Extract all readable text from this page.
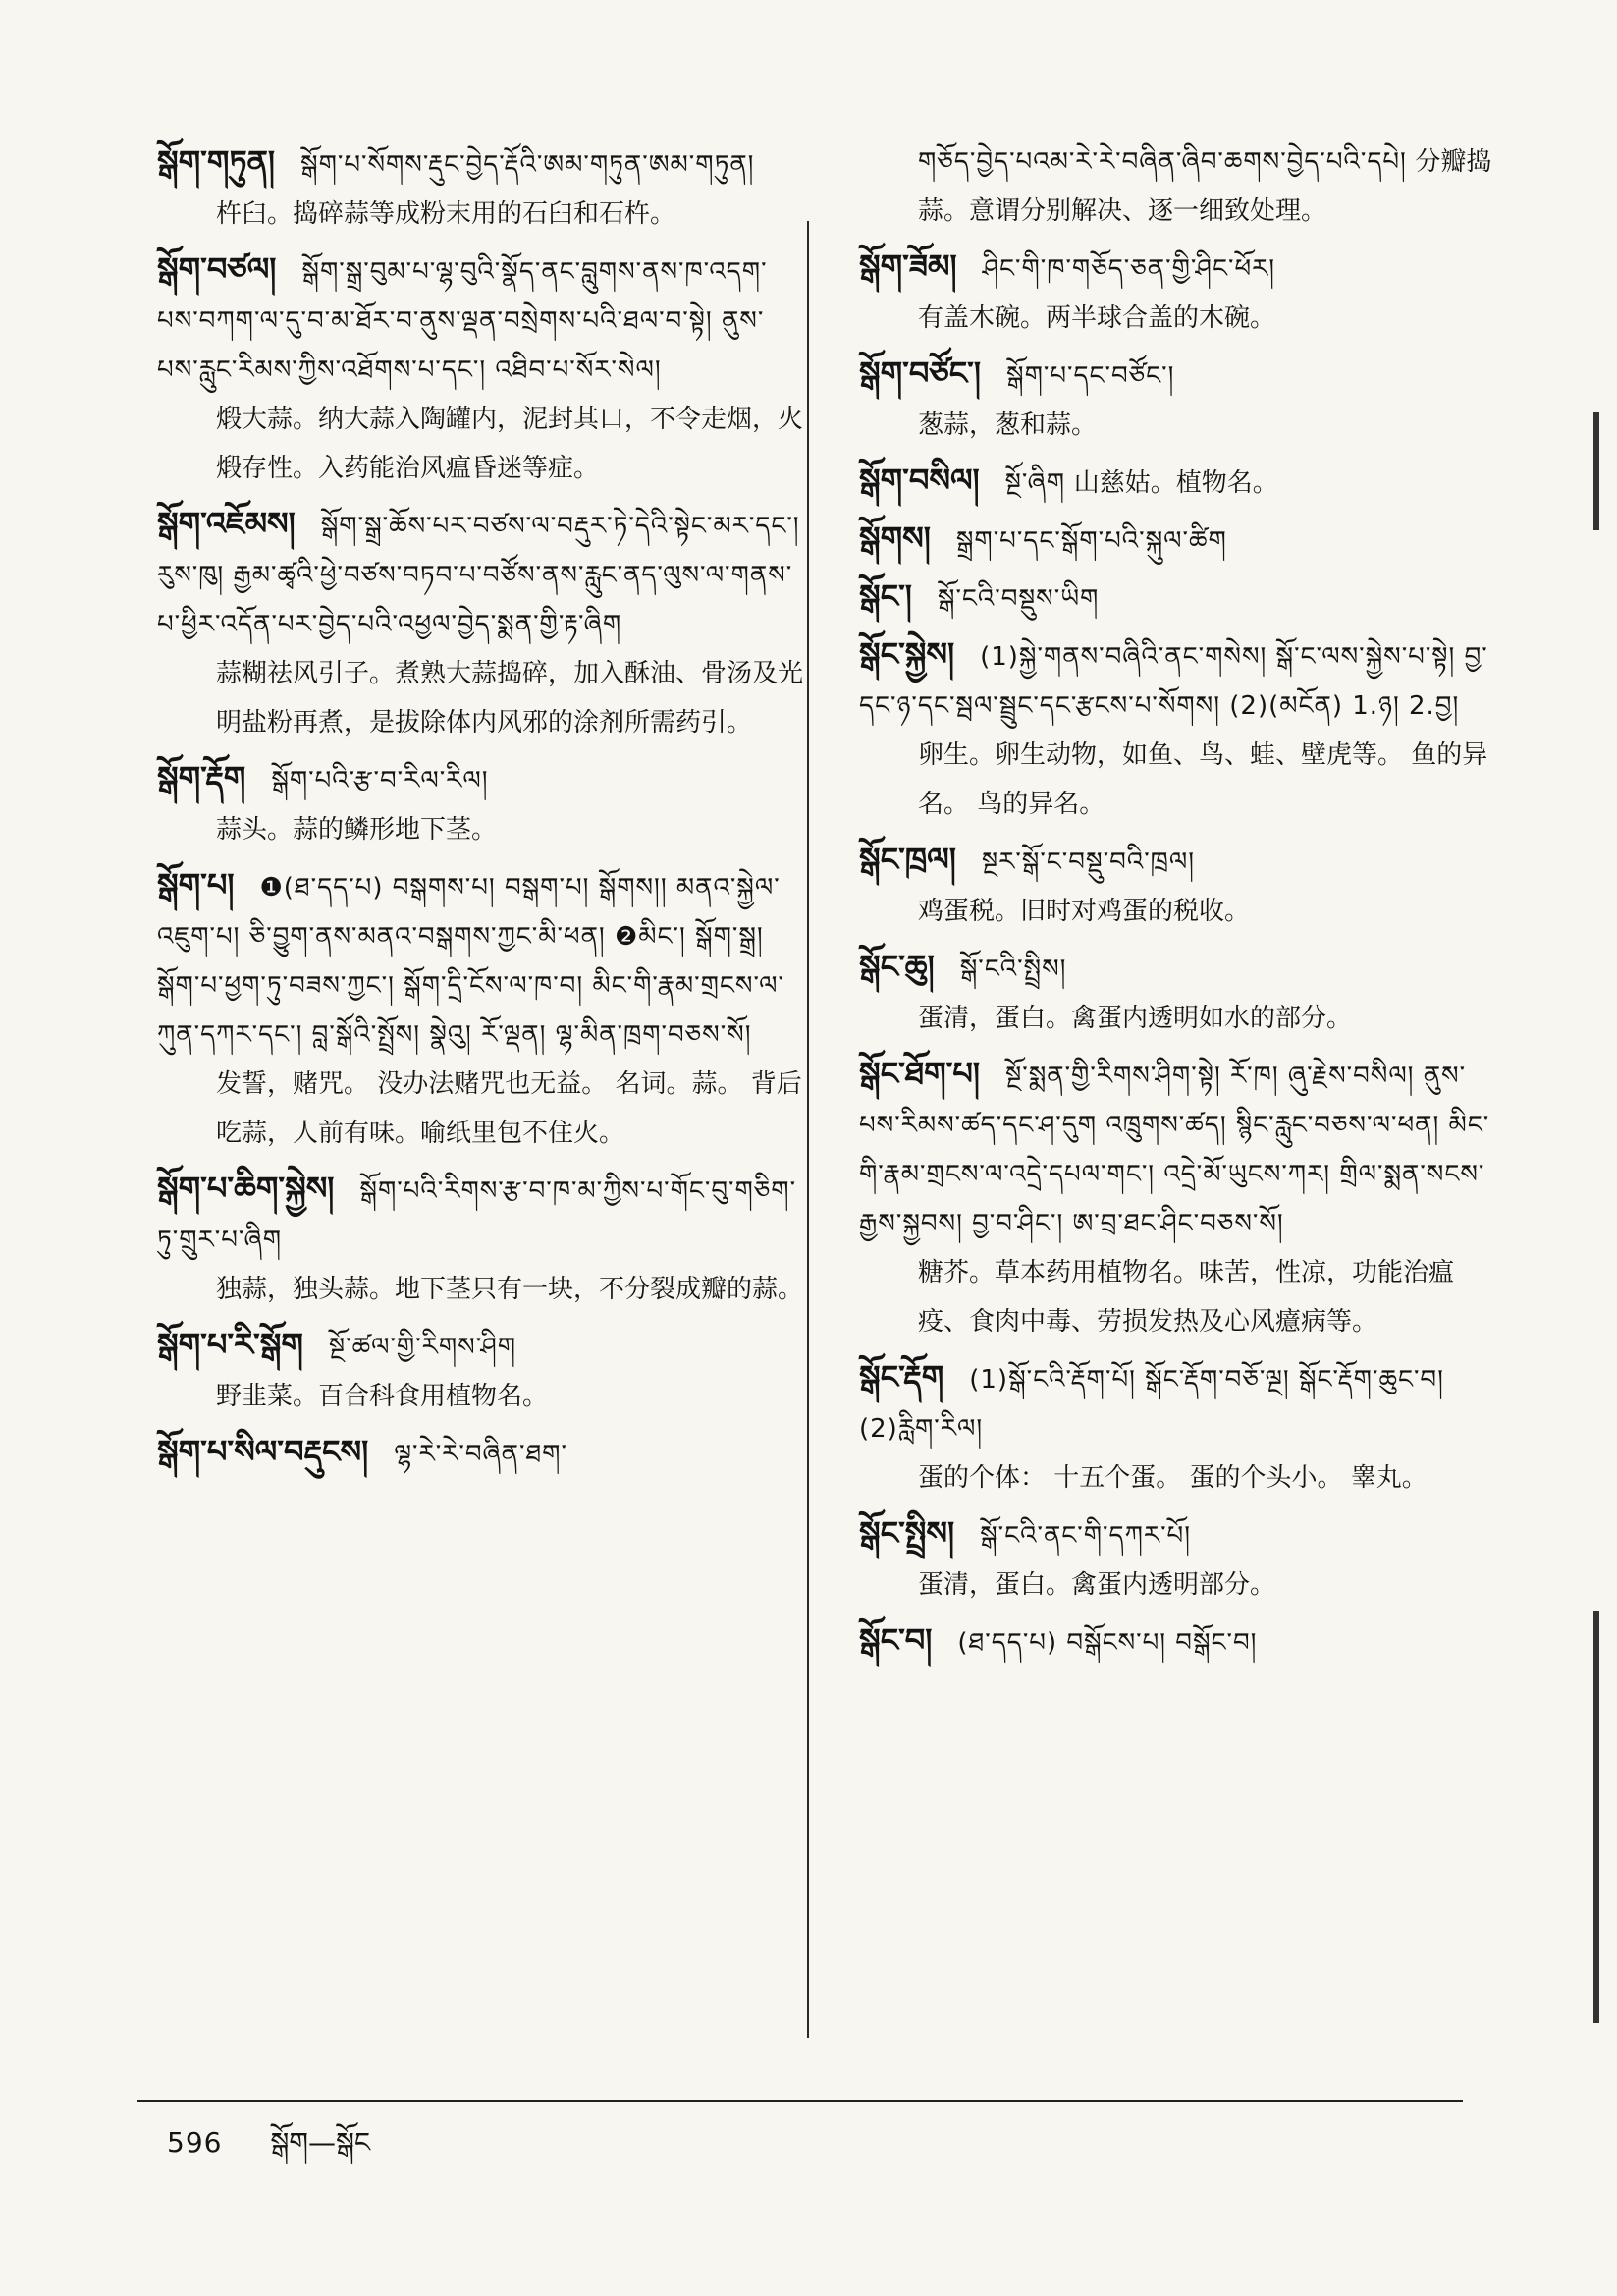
སྒོག་གཏུན། སྒོག་པ་སོགས་རྡུང་བྱེད་རྡོའི་ཨམ་གཏུན་ཨམ་གཏུན།
杵臼。捣碎蒜等成粉末用的石臼和石杵。
སྒོག་བཙལ། སྒོག་སྒྲ་བུམ་པ་ལྷ་བུའི་སྣོད་ནང་བླུགས་ནས་ཁ་འདག་པས་བཀག་ལ་དུ་བ་མ་ཐོར་བ་ནུས་ལྡན་བསྲེགས་པའི་ཐལ་བ་སྟེ། ནུས་པས་རླུང་རིམས་ཀྱིས་འཐོགས་པ་དང་། འཐིབ་པ་སོར་སེལ།
煅大蒜。纳大蒜入陶罐内，泥封其口，不令走烟，火煅存性。入药能治风瘟昏迷等症。
སྒོག་འཇོམས། སྒོག་སྒྲ་ཆོས་པར་བཙས་ལ་བརྡུར་ཏེ་དེའི་སྟེང་མར་དང་། རུས་ཁུ། རྒྱམ་ཚྭའི་ཕྱེ་བཙས་བཏབ་པ་བཙོས་ནས་རླུང་ནད་ལུས་ལ་གནས་པ་ཕྱིར་འདོན་པར་བྱེད་པའི་འཕྱལ་བྱེད་སྨན་གྱི་རྟ་ཞིག
蒜糊祛风引子。煮熟大蒜捣碎，加入酥油、骨汤及光明盐粉再煮，是拔除体内风邪的涂剂所需药引。
སྒོག་རྡོག སྒོག་པའི་རྩ་བ་རིལ་རིལ།
蒜头。蒜的鳞形地下茎。
སྒོག་པ། ❶(ཐ་དད་པ) བསྒགས་པ། བསྒག་པ། སྒོགས།། མནའ་སྐྱེལ་འཇུག་པ། ཅི་བྱུག་ནས་མནའ་བསྒགས་ཀྱང་མི་ཕན། ❷མིང་། སྒོག་སྒྲ། སྒོག་པ་ཕྱག་ཏུ་བཟས་ཀྱང་། སྒོག་དྲི་ངོས་ལ་ཁ་བ། མིང་གི་རྣམ་གྲངས་ལ་ཀུན་དཀར་དང་། བླ་སྒོའི་སྤྲོས། སྣེའུ། རོ་ལྡན། ལྷ་མིན་ཁྲག་བཅས་སོ།
发誓，赌咒。 没办法赌咒也无益。 名词。蒜。 背后吃蒜，人前有味。喻纸里包不住火。
སྒོག་པ་ཆིག་སྐྱེས། སྒོག་པའི་རིགས་རྩ་བ་ཁ་མ་ཀྱིས་པ་གོང་བུ་གཅིག་ཏུ་གྲུར་པ་ཞིག
独蒜，独头蒜。地下茎只有一块，不分裂成瓣的蒜。
སྒོག་པ་རི་སྒོག སྔོ་ཚལ་གྱི་རིགས་ཤིག
野韭菜。百合科食用植物名。
སྒོག་པ་སིལ་བརྡུངས། ལྷ་རེ་རེ་བཞིན་ཐག་
གཅོད་བྱེད་པའམ་རེ་རེ་བཞིན་ཞིབ་ཆགས་བྱེད་པའི་དཔེ། 分瓣捣蒜。意谓分别解决、逐一细致处理。
སྒོག་ཟོམ། ཤིང་གི་ཁ་གཅོད་ཅན་གྱི་ཤིང་ཕོར།
有盖木碗。两半球合盖的木碗。
སྒོག་བཙོང་། སྒོག་པ་དང་བཙོང་།
葱蒜，葱和蒜。
སྒོག་བསིལ། སྔོ་ཞིག 山慈姑。植物名。
སྒོགས། སྒྲག་པ་དང་སྒོག་པའི་སྐུལ་ཚིག
སྒོང་། སྒོ་ངའི་བསྡུས་ཡིག
སྒོང་སྐྱེས། (1)སྐྱེ་གནས་བཞིའི་ནང་གསེས། སྒོ་ང་ལས་སྐྱེས་པ་སྟེ། བྱ་དང་ཉ་དང་སྦལ་སྦྲུང་དང་རྩངས་པ་སོགས། (2)(མངོན) 1.ཉ། 2.བྱ།
卵生。卵生动物，如鱼、鸟、蛙、壁虎等。 鱼的异名。 鸟的异名。
སྒོང་ཁྲལ། སྔར་སྒོ་ང་བསྡུ་བའི་ཁྲལ།
鸡蛋税。旧时对鸡蛋的税收。
སྒོང་ཆུ། སྒོ་ངའི་སྤྲིས།
蛋清，蛋白。禽蛋内透明如水的部分。
སྒོང་ཐོག་པ། སྔོ་སྨན་གྱི་རིགས་ཤིག་སྟེ། རོ་ཁ། ཞུ་རྗེས་བསིལ། ནུས་པས་རིམས་ཚད་དང་ཤ་དུག འཁྲུགས་ཚད། སྙིང་རླུང་བཅས་ལ་ཕན། མིང་གི་རྣམ་གྲངས་ལ་འདྲེ་དཔལ་གང་། འདྲེ་མོ་ཡུངས་ཀར། གྲིལ་སྨན་སངས་རྒྱས་སྐྱབས། བྱ་བ་ཤིང་། ཨ་བྲ་ཐང་ཤིང་བཅས་སོ།
糖芥。草本药用植物名。味苦，性凉，功能治瘟疫、食肉中毒、劳损发热及心风癔病等。
སྒོང་རྡོག (1)སྒོ་ངའི་རྡོག་པོ། སྒོང་རྡོག་བཅོ་ལྔ། སྒོང་རྡོག་ཆུང་བ། (2)རླིག་རིལ།
蛋的个体： 十五个蛋。 蛋的个头小。 睾丸。
སྒོང་སྤྲིས། སྒོ་ངའི་ནང་གི་དཀར་པོ།
蛋清，蛋白。禽蛋内透明部分。
སྒོང་བ། (ཐ་དད་པ) བསྒོངས་པ། བསྒོང་བ།
596 སྒོག—སྒོང
